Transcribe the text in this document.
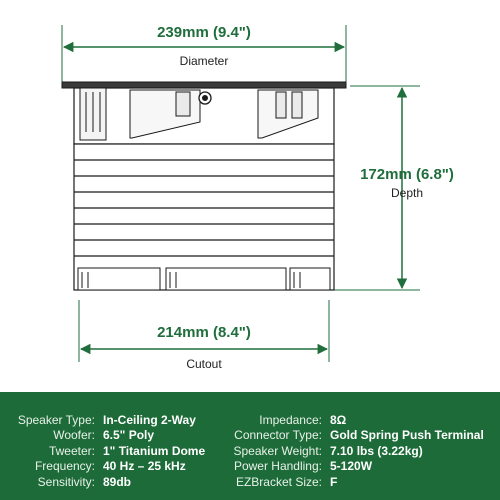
239mm (9.4")
Diameter
172mm (6.8")
Depth
214mm (8.4")
Cutout
Speaker Type: In-Ceiling 2-Way
Woofer: 6.5" Poly
Tweeter: 1" Titanium Dome
Frequency: 40 Hz – 25 kHz
Sensitivity: 89db
Impedance: 8Ω
Connector Type: Gold Spring Push Terminal
Speaker Weight: 7.10 lbs (3.22kg)
Power Handling: 5-120W
EZBracket Size: F
